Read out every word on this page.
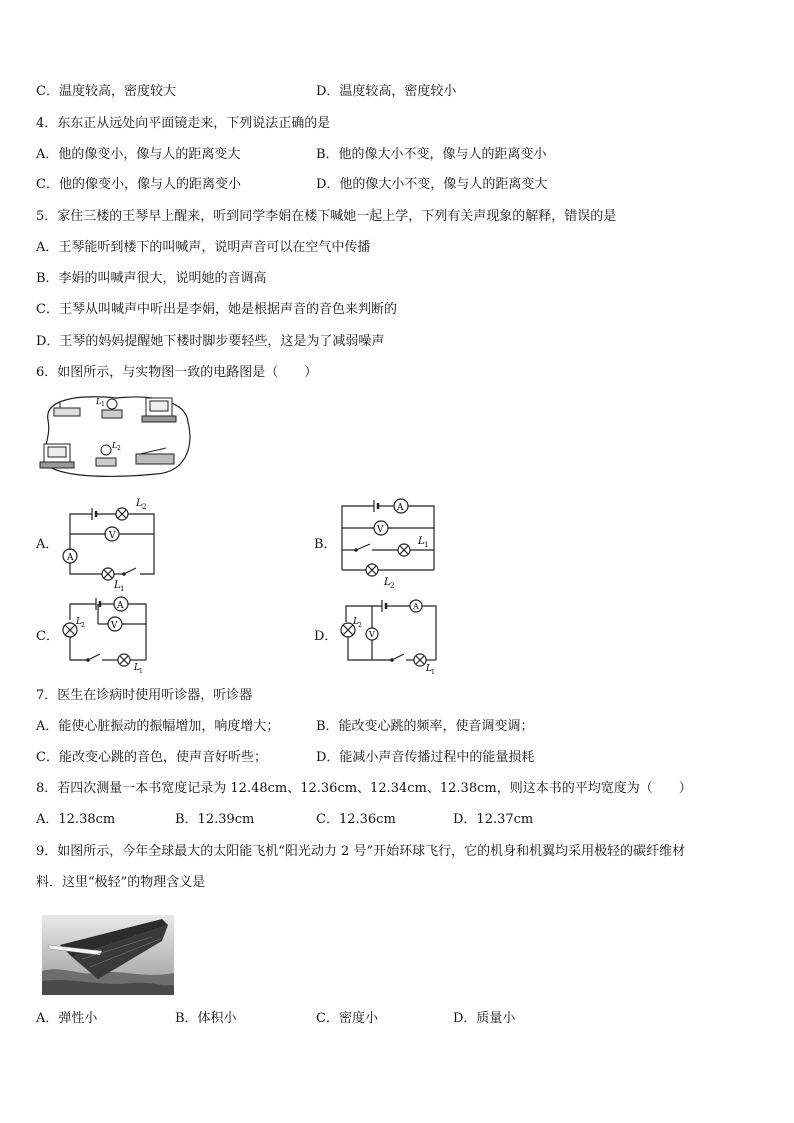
C．温度较高，密度较大	D．温度较高，密度较小
4．东东正从远处向平面镜走来，下列说法正确的是
A．他的像变小，像与人的距离变大	B．他的像大小不变，像与人的距离变小
C．他的像变小，像与人的距离变小	D．他的像大小不变，像与人的距离变大
5．家住三楼的王琴早上醒来，听到同学李娟在楼下喊她一起上学，下列有关声现象的解释，错误的是
A．王琴能听到楼下的叫喊声，说明声音可以在空气中传播
B．李娟的叫喊声很大，说明她的音调高
C．王琴从叫喊声中听出是李娟，她是根据声音的音色来判断的
D．王琴的妈妈提醒她下楼时脚步要轻些，这是为了减弱噪声
6．如图所示，与实物图一致的电路图是（　　）
L 1
L 2
A．
V
A
L 2
L 1
B．
A
V
L 1
L 2
C．
A
V
L 2
L 1
D．
A
V
L 2
L 1
7．医生在诊病时使用听诊器，听诊器
A．能使心脏振动的振幅增加，响度增大；	B．能改变心跳的频率，使音调变调；
C．能改变心跳的音色，使声音好听些；	D．能减小声音传播过程中的能量损耗
8．若四次测量一本书宽度记录为 12.48cm、12.36cm、12.34cm、12.38cm，则这本书的平均宽度为（　　）
A．12.38cm	B．12.39cm	C．12.36cm	D．12.37cm
9．如图所示，今年全球最大的太阳能飞机“阳光动力 2 号”开始环球飞行，它的机身和机翼均采用极轻的碳纤维材
料．这里“极轻”的物理含义是
A．弹性小	B．体积小	C．密度小	D．质量小
